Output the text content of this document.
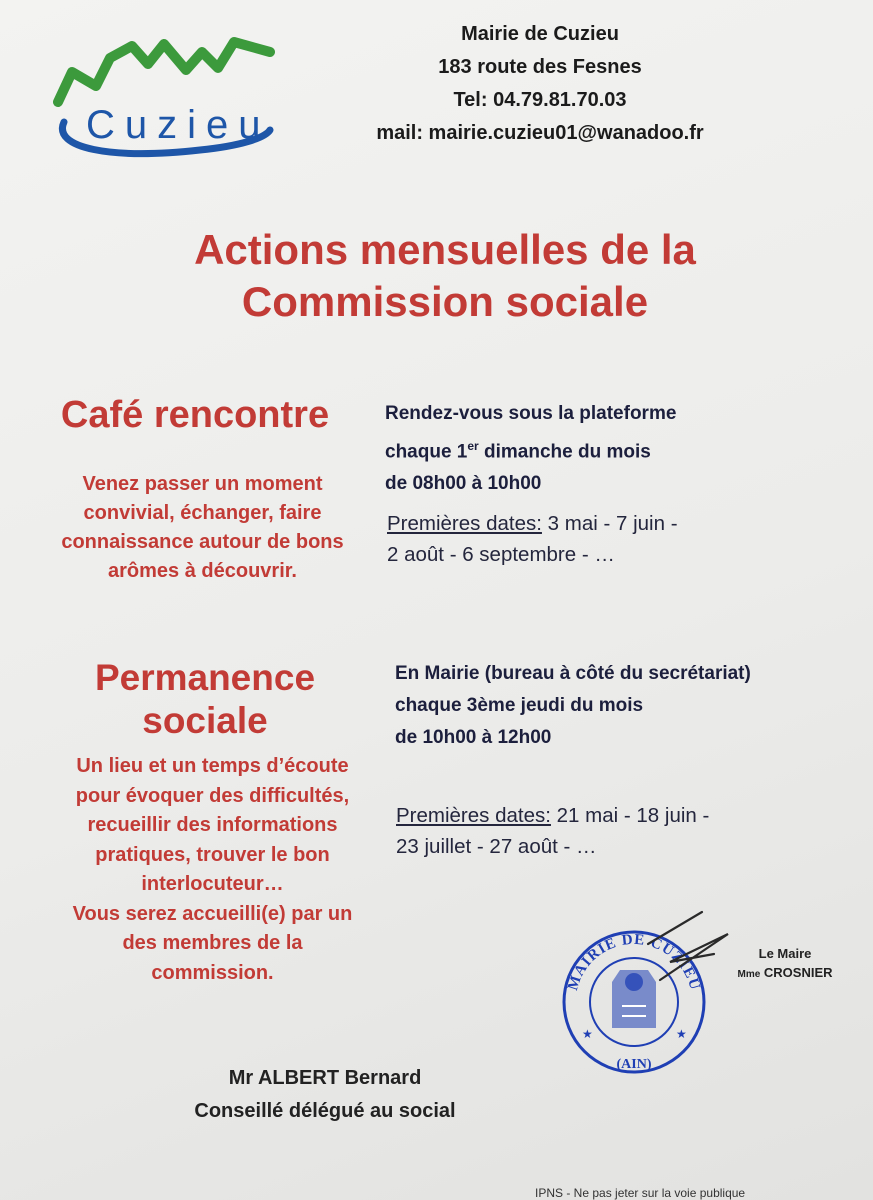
Cuzieu
Mairie de Cuzieu
183 route des Fesnes
Tel: 04.79.81.70.03
mail: mairie.cuzieu01@wanadoo.fr
Actions mensuelles de la
Commission sociale
Café rencontre
Venez passer un moment
convivial, échanger, faire
connaissance autour de bons
arômes à découvrir.
Rendez-vous sous la plateforme
chaque 1er dimanche du mois
de 08h00 à 10h00
Premières dates: 3 mai - 7 juin -
2 août - 6 septembre - …
Permanence
sociale
Un lieu et un temps d’écoute
pour évoquer des difficultés,
recueillir des informations
pratiques, trouver le bon
interlocuteur…
Vous serez accueilli(e) par un
des membres de la
commission.
En Mairie (bureau à côté du secrétariat)
chaque 3ème jeudi du mois
de 10h00 à 12h00
Premières dates: 21 mai - 18 juin -
23 juillet - 27 août - …
MAIRIE DE CUZIEU
(AIN)
★	★
Le Maire
Mme CROSNIER
Mr ALBERT Bernard
Conseillé délégué au social
IPNS - Ne pas jeter sur la voie publique
